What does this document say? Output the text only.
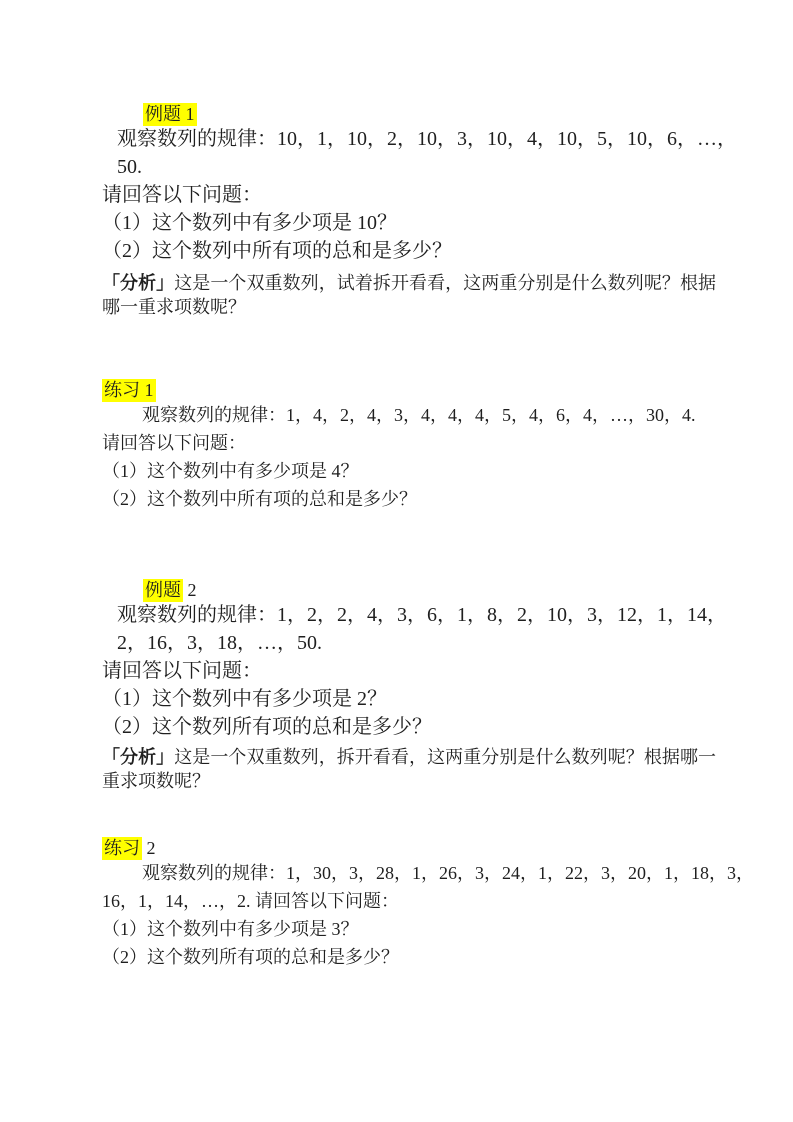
例题 1
观察数列的规律：10，1，10，2，10，3，10，4，10，5，10，6，…，
50.
请回答以下问题：
（1）这个数列中有多少项是 10？
（2）这个数列中所有项的总和是多少？

「分析」这是一个双重数列，试着拆开看看，这两重分别是什么数列呢？根据哪一重求项数呢？

练习 1
观察数列的规律：1，4，2，4，3，4，4，4，5，4，6，4，…，30，4.
请回答以下问题：
（1）这个数列中有多少项是 4？
（2）这个数列中所有项的总和是多少？
例题 2
观察数列的规律：1，2，2，4，3，6，1，8，2，10，3，12，1，14，
2，16，3，18，…，50.
请回答以下问题：
（1）这个数列中有多少项是 2？
（2）这个数列所有项的总和是多少？

「分析」这是一个双重数列，拆开看看，这两重分别是什么数列呢？根据哪一重求项数呢？

练习 2
观察数列的规律：1，30，3，28，1，26，3，24，1，22，3，20，1，18，3，
16，1，14，…，2. 请回答以下问题：
（1）这个数列中有多少项是 3？
（2）这个数列所有项的总和是多少？
